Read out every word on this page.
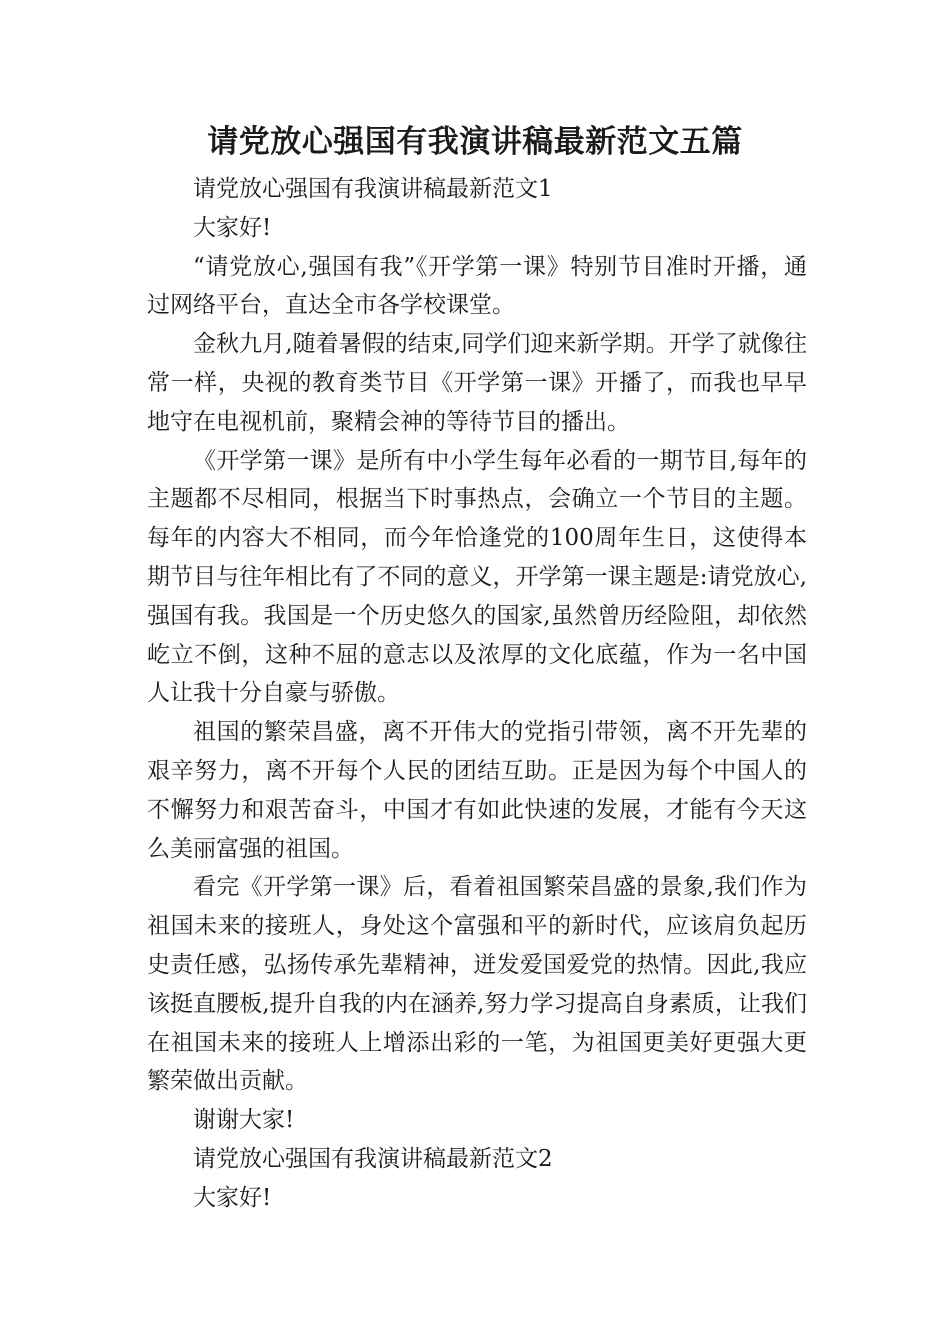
请党放心强国有我演讲稿最新范文五篇

请党放心强国有我演讲稿最新范文1

大家好!

“请党放心,强国有我”《开学第一课》特别节目准时开播，通过网络平台，直达全市各学校课堂。

金秋九月,随着暑假的结束,同学们迎来新学期。开学了就像往常一样，央视的教育类节目《开学第一课》开播了，而我也早早地守在电视机前，聚精会神的等待节目的播出。

《开学第一课》是所有中小学生每年必看的一期节目,每年的主题都不尽相同，根据当下时事热点，会确立一个节目的主题。每年的内容大不相同，而今年恰逢党的100周年生日，这使得本期节目与往年相比有了不同的意义，开学第一课主题是:请党放心,强国有我。我国是一个历史悠久的国家,虽然曾历经险阻，却依然屹立不倒，这种不屈的意志以及浓厚的文化底蕴，作为一名中国人让我十分自豪与骄傲。

祖国的繁荣昌盛，离不开伟大的党指引带领，离不开先辈的艰辛努力，离不开每个人民的团结互助。正是因为每个中国人的不懈努力和艰苦奋斗，中国才有如此快速的发展，才能有今天这么美丽富强的祖国。

看完《开学第一课》后，看着祖国繁荣昌盛的景象,我们作为祖国未来的接班人，身处这个富强和平的新时代，应该肩负起历史责任感，弘扬传承先辈精神，迸发爱国爱党的热情。因此,我应该挺直腰板,提升自我的内在涵养,努力学习提高自身素质，让我们在祖国未来的接班人上增添出彩的一笔，为祖国更美好更强大更繁荣做出贡献。

谢谢大家!

请党放心强国有我演讲稿最新范文2

大家好!
